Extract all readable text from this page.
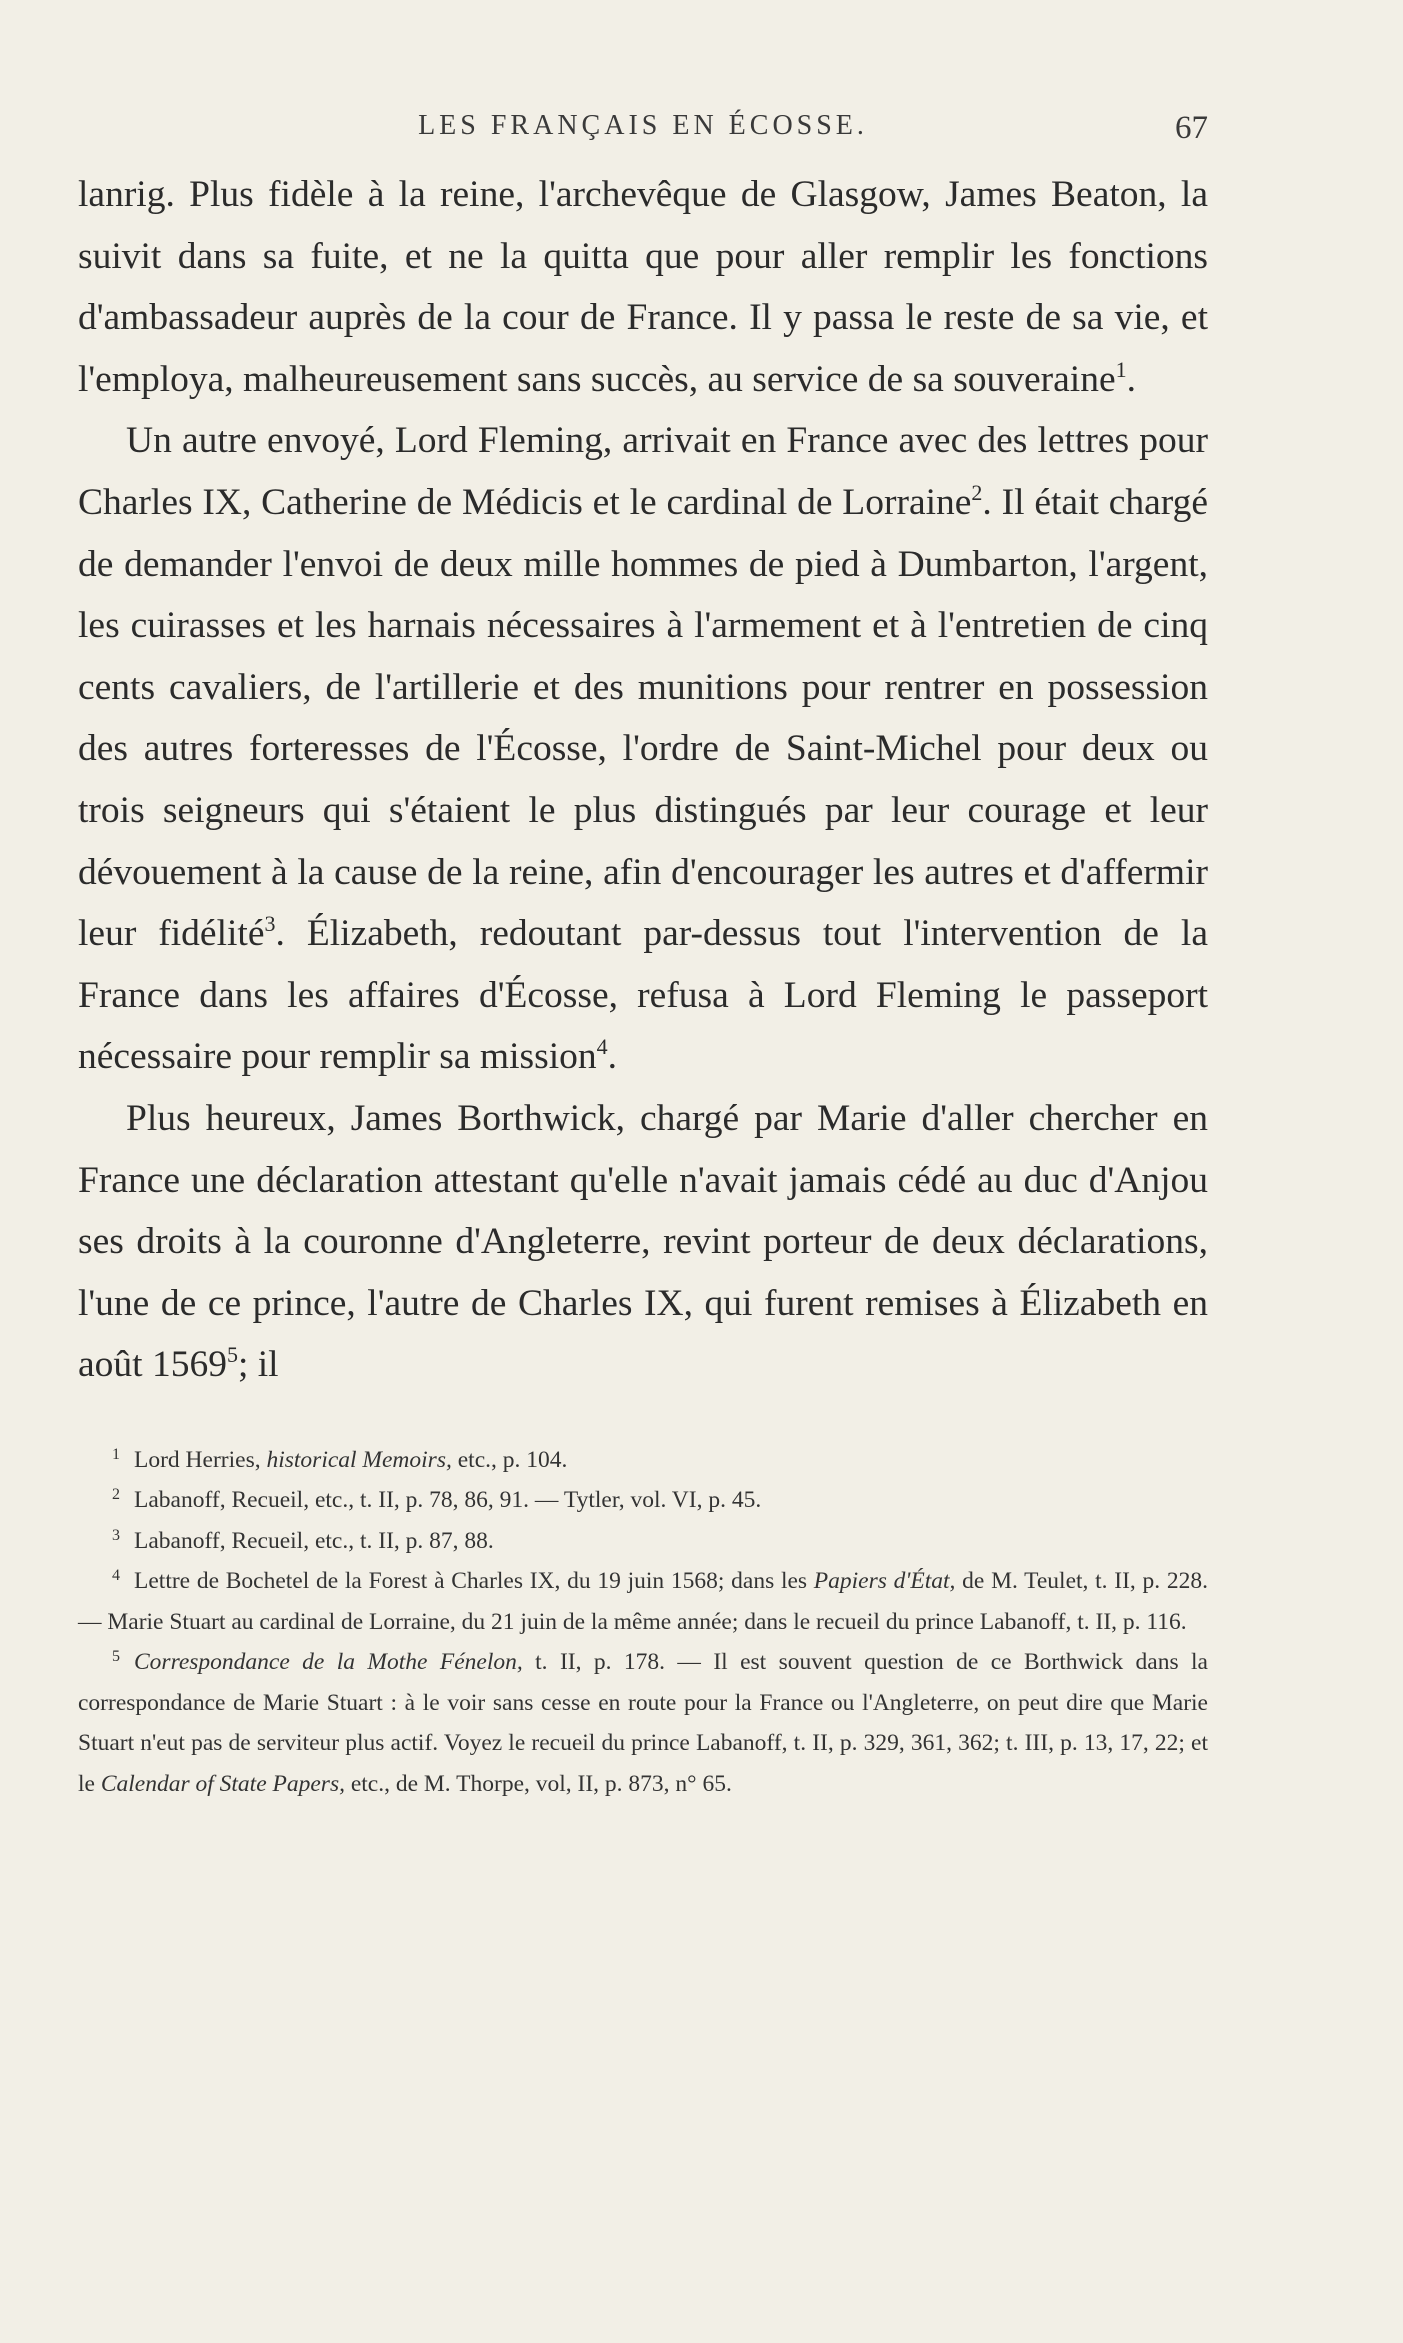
LES FRANÇAIS EN ÉCOSSE.	67

lanrig. Plus fidèle à la reine, l'archevêque de Glasgow, James Beaton, la suivit dans sa fuite, et ne la quitta que pour aller remplir les fonctions d'ambassadeur auprès de la cour de France. Il y passa le reste de sa vie, et l'employa, malheureusement sans succès, au service de sa souveraine$^1$.

Un autre envoyé, Lord Fleming, arrivait en France avec des lettres pour Charles IX, Catherine de Médicis et le cardinal de Lorraine$^2$. Il était chargé de demander l'envoi de deux mille hommes de pied à Dumbarton, l'argent, les cuirasses et les harnais nécessaires à l'armement et à l'entretien de cinq cents cavaliers, de l'artillerie et des munitions pour rentrer en possession des autres forteresses de l'Écosse, l'ordre de Saint-Michel pour deux ou trois seigneurs qui s'étaient le plus distingués par leur courage et leur dévouement à la cause de la reine, afin d'encourager les autres et d'affermir leur fidélité$^3$. Élizabeth, redoutant par-dessus tout l'intervention de la France dans les affaires d'Écosse, refusa à Lord Fleming le passeport nécessaire pour remplir sa mission$^4$.

Plus heureux, James Borthwick, chargé par Marie d'aller chercher en France une déclaration attestant qu'elle n'avait jamais cédé au duc d'Anjou ses droits à la couronne d'Angleterre, revint porteur de deux déclarations, l'une de ce prince, l'autre de Charles IX, qui furent remises à Élizabeth en août 1569$^5$; il

$^1$ Lord Herries, historical Memoirs, etc., p. 104.

$^2$ Labanoff, Recueil, etc., t. II, p. 78, 86, 91. — Tytler, vol. VI, p. 45.

$^3$ Labanoff, Recueil, etc., t. II, p. 87, 88.

$^4$ Lettre de Bochetel de la Forest à Charles IX, du 19 juin 1568; dans les Papiers d'État, de M. Teulet, t. II, p. 228. — Marie Stuart au cardinal de Lorraine, du 21 juin de la même année; dans le recueil du prince Labanoff, t. II, p. 116.

$^5$ Correspondance de la Mothe Fénelon, t. II, p. 178. — Il est souvent question de ce Borthwick dans la correspondance de Marie Stuart : à le voir sans cesse en route pour la France ou l'Angleterre, on peut dire que Marie Stuart n'eut pas de serviteur plus actif. Voyez le recueil du prince Labanoff, t. II, p. 329, 361, 362; t. III, p. 13, 17, 22; et le Calendar of State Papers, etc., de M. Thorpe, vol, II, p. 873, n° 65.
